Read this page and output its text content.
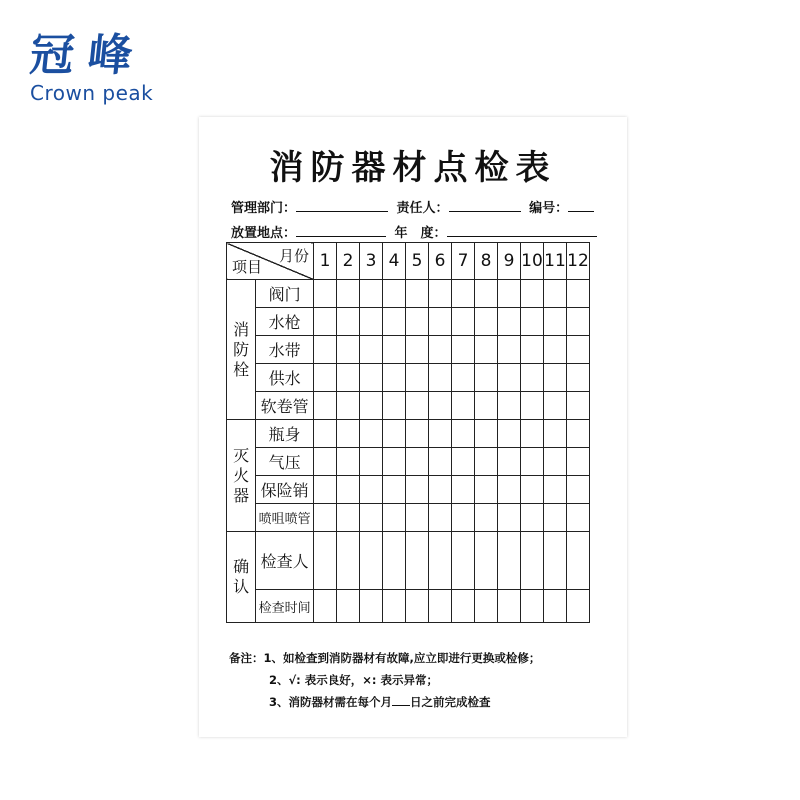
冠峰
Crown peak
消防器材点检表
管理部门：	责任人：	编号：
放置地点：	年　度：
月份
项目		1	2	3	4	5	6	7	8	9	10	11	12

消防栓	阀门												
	水枪												
	水带												
	供水												
	软卷管												

灭火器	瓶身												
	气压												
	保险销												
	喷咀喷管												

确认	检查人												
	检查时间												
备注：1、如检查到消防器材有故障,应立即进行更换或检修；
2、√: 表示良好，×: 表示异常；
3、消防器材需在每个月 日之前完成检查
